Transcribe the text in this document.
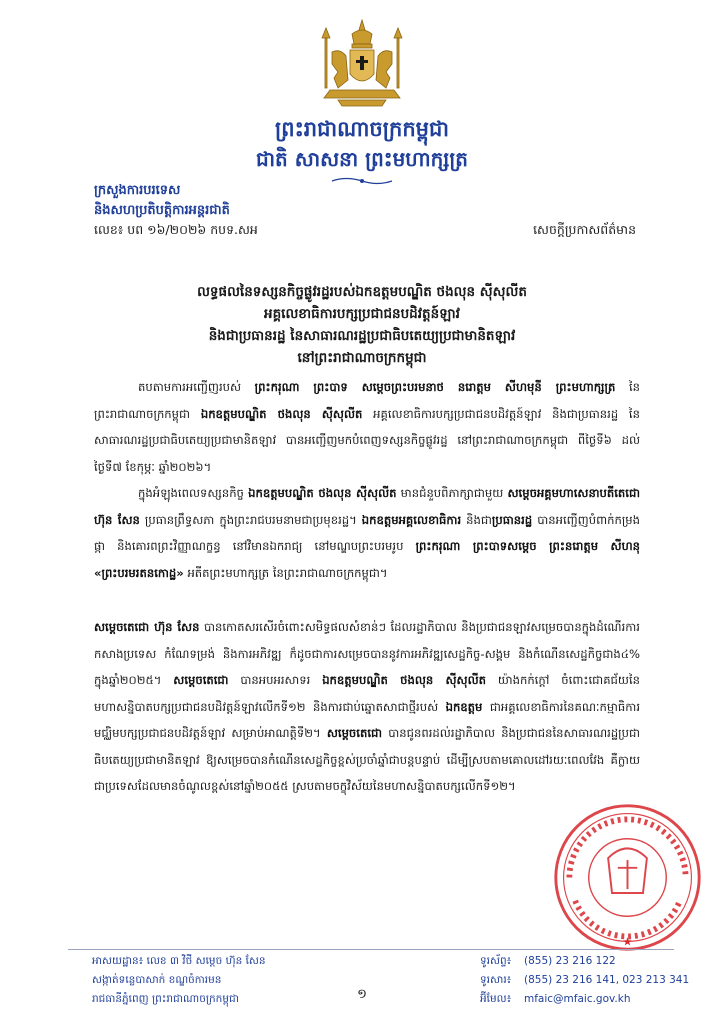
ព្រះរាជាណាចក្រកម្ពុជា
ជាតិ សាសនា ព្រះមហាក្សត្រ
ក្រសួងការបរទេស
និងសហប្រតិបត្តិការអន្តរជាតិ
លេខ៖ បព ១៦/២០២៦ កបទ.សអ	សេចក្តីប្រកាសព័ត៌មាន
លទ្ធផលនៃទស្សនកិច្ចផ្លូវរដ្ឋរបស់ឯកឧត្តមបណ្ឌិត ថងលុន ស៊ីសុលីត
អគ្គលេខាធិការបក្សប្រជាជនបដិវត្តន៍ឡាវ
និងជាប្រធានរដ្ឋ នៃសាធារណរដ្ឋប្រជាធិបតេយ្យប្រជាមានិតឡាវ
នៅព្រះរាជាណាចក្រកម្ពុជា

តបតាមការអញ្ជើញរបស់ ព្រះករុណា ព្រះបាទ សម្តេចព្រះបរមនាថ នរោត្តម សីហមុនី ព្រះមហាក្សត្រ នៃព្រះរាជាណាចក្រកម្ពុជា ឯកឧត្តមបណ្ឌិត ថងលុន ស៊ីសុលីត អគ្គលេខាធិការបក្សប្រជាជនបដិវត្តន៍ឡាវ និងជាប្រធានរដ្ឋ នៃសាធារណរដ្ឋប្រជាធិបតេយ្យប្រជាមានិតឡាវ បានអញ្ជើញមកបំពេញទស្សនកិច្ចផ្លូវរដ្ឋ នៅព្រះរាជាណាចក្រកម្ពុជា ពីថ្ងៃទី៦ ដល់ថ្ងៃទី៧ ខែកុម្ភៈ ឆ្នាំ២០២៦។

ក្នុងអំឡុងពេលទស្សនកិច្ច ឯកឧត្តមបណ្ឌិត ថងលុន ស៊ីសុលីត មានជំនួបពិភាក្សាជាមួយ សម្តេចអគ្គមហាសេនាបតីតេជោ ហ៊ុន សែន ប្រធានព្រឹទ្ធសភា ក្នុងព្រះរាជបរមនាមជាប្រមុខរដ្ឋ។ ឯកឧត្តមអគ្គលេខាធិការ និងជាប្រធានរដ្ឋ បានអញ្ជើញបំពាក់កម្រងផ្កា និងគោរពព្រះវិញ្ញាណក្ខន្ធ នៅវិមានឯករាជ្យ នៅមណ្ឌបព្រះបរមរូប ព្រះករុណា ព្រះបាទសម្តេច ព្រះនរោត្តម សីហនុ «ព្រះបរមរតនកោដ្ឋ» អតីតព្រះមហាក្សត្រ នៃព្រះរាជាណាចក្រកម្ពុជា។

សម្តេចតេជោ ហ៊ុន សែន បានកោតសរសើរចំពោះសមិទ្ធផលសំខាន់ៗ ដែលរដ្ឋាភិបាល និងប្រជាជនឡាវសម្រេចបានក្នុងដំណើរការកសាងប្រទេស កំណែទម្រង់ និងការអភិវឌ្ឍ ក៏ដូចជាការសម្រេចបាននូវការអភិវឌ្ឍសេដ្ឋកិច្ច-សង្គម និងកំណើនសេដ្ឋកិច្ចជាង៤% ក្នុងឆ្នាំ២០២៥។ សម្តេចតេជោ បានអបអរសាទរ ឯកឧត្តមបណ្ឌិត ថងលុន ស៊ីសុលីត យ៉ាងកក់ក្តៅ ចំពោះជោគជ័យនៃមហាសន្និបាតបក្សប្រជាជនបដិវត្តន៍ឡាវលើកទី១២ និងការជាប់ឆ្នោតសាជាថ្មីរបស់ ឯកឧត្តម ជាអគ្គលេខាធិការនៃគណៈកម្មាធិការមជ្ឈិមបក្សប្រជាជនបដិវត្តន៍ឡាវ សម្រាប់អាណត្តិទី២។ សម្តេចតេជោ បានជូនពរដល់រដ្ឋាភិបាល និងប្រជាជននៃសាធារណរដ្ឋប្រជាធិបតេយ្យប្រជាមានិតឡាវ ឱ្យសម្រេចបានកំណើនសេដ្ឋកិច្ចខ្ពស់ប្រចាំឆ្នាំជាបន្តបន្ទាប់ ដើម្បីស្របតាមគោលដៅរយៈពេលវែង គឺក្លាយជាប្រទេសដែលមានចំណូលខ្ពស់នៅឆ្នាំ២០៥៥ ស្របតាមចក្ខុវិស័យនៃមហាសន្និបាតបក្សលើកទី១២។

★
អាសយដ្ឋាន៖ លេខ ៣ វិថី សម្តេច ហ៊ុន សែន
សង្កាត់ទន្លេបាសាក់ ខណ្ឌចំការមន
រាជធានីភ្នំពេញ ព្រះរាជាណាចក្រកម្ពុជា	១
ទូរស័ព្ទ៖ (855) 23 216 122
ទូរសារ៖ (855) 23 216 141, 023 213 341
អ៊ីមែល៖ mfaic@mfaic.gov.kh
